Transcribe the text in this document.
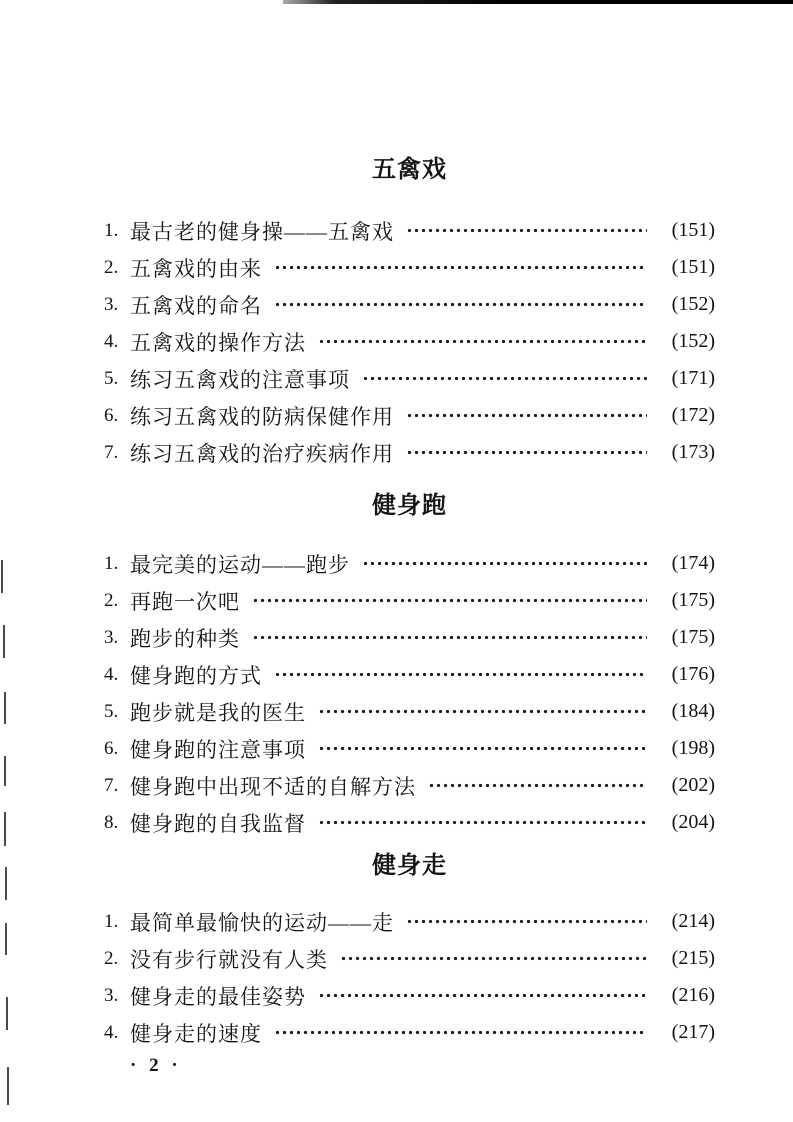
五禽戏
1. 最古老的健身操——五禽戏	(151)
2. 五禽戏的由来	(151)
3. 五禽戏的命名	(152)
4. 五禽戏的操作方法	(152)
5. 练习五禽戏的注意事项	(171)
6. 练习五禽戏的防病保健作用	(172)
7. 练习五禽戏的治疗疾病作用	(173)
健身跑
1. 最完美的运动——跑步	(174)
2. 再跑一次吧	(175)
3. 跑步的种类	(175)
4. 健身跑的方式	(176)
5. 跑步就是我的医生	(184)
6. 健身跑的注意事项	(198)
7. 健身跑中出现不适的自解方法	(202)
8. 健身跑的自我监督	(204)
健身走
1. 最简单最愉快的运动——走	(214)
2. 没有步行就没有人类	(215)
3. 健身走的最佳姿势	(216)
4. 健身走的速度	(217)
· 2 ·
